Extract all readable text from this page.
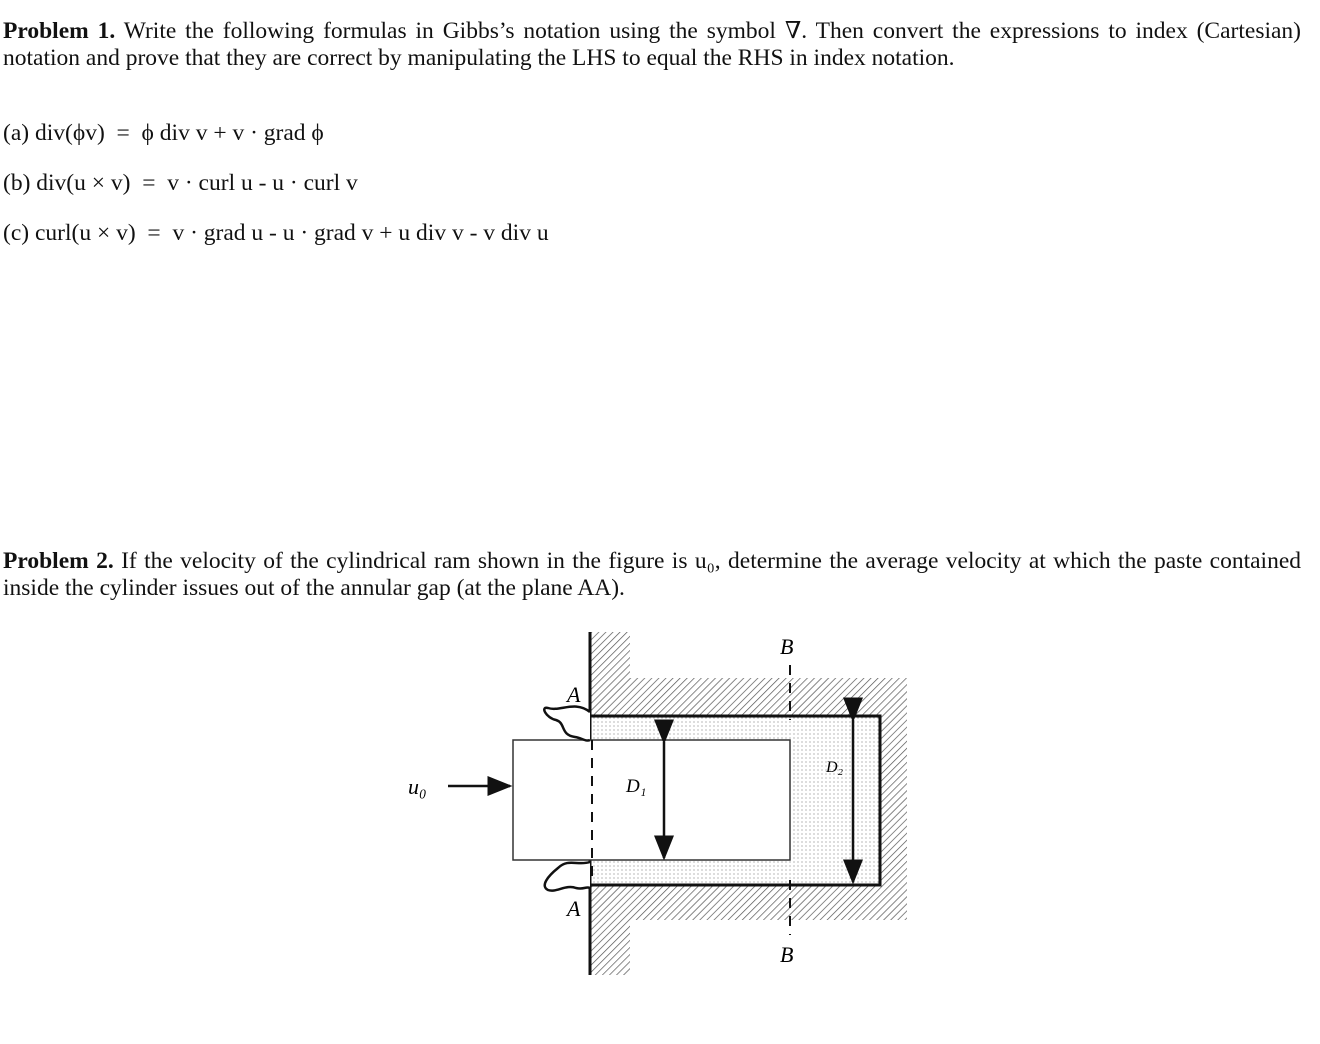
Problem 1. Write the following formulas in Gibbs’s notation using the symbol ∇. Then convert the expressions to index (Cartesian) notation and prove that they are correct by manipulating the LHS to equal the RHS in index notation.
(a) div(ϕv)  =  ϕ div v + v · grad ϕ
(b) div(u × v)  =  v · curl u - u · curl v
(c) curl(u × v)  =  v · grad u - u · grad v + u div v - v div u
Problem 2. If the velocity of the cylindrical ram shown in the figure is u₀, determine the average velocity at which the paste contained inside the cylinder issues out of the annular gap (at the plane AA).
A
A
B
B
u₀	D₁
D₂
